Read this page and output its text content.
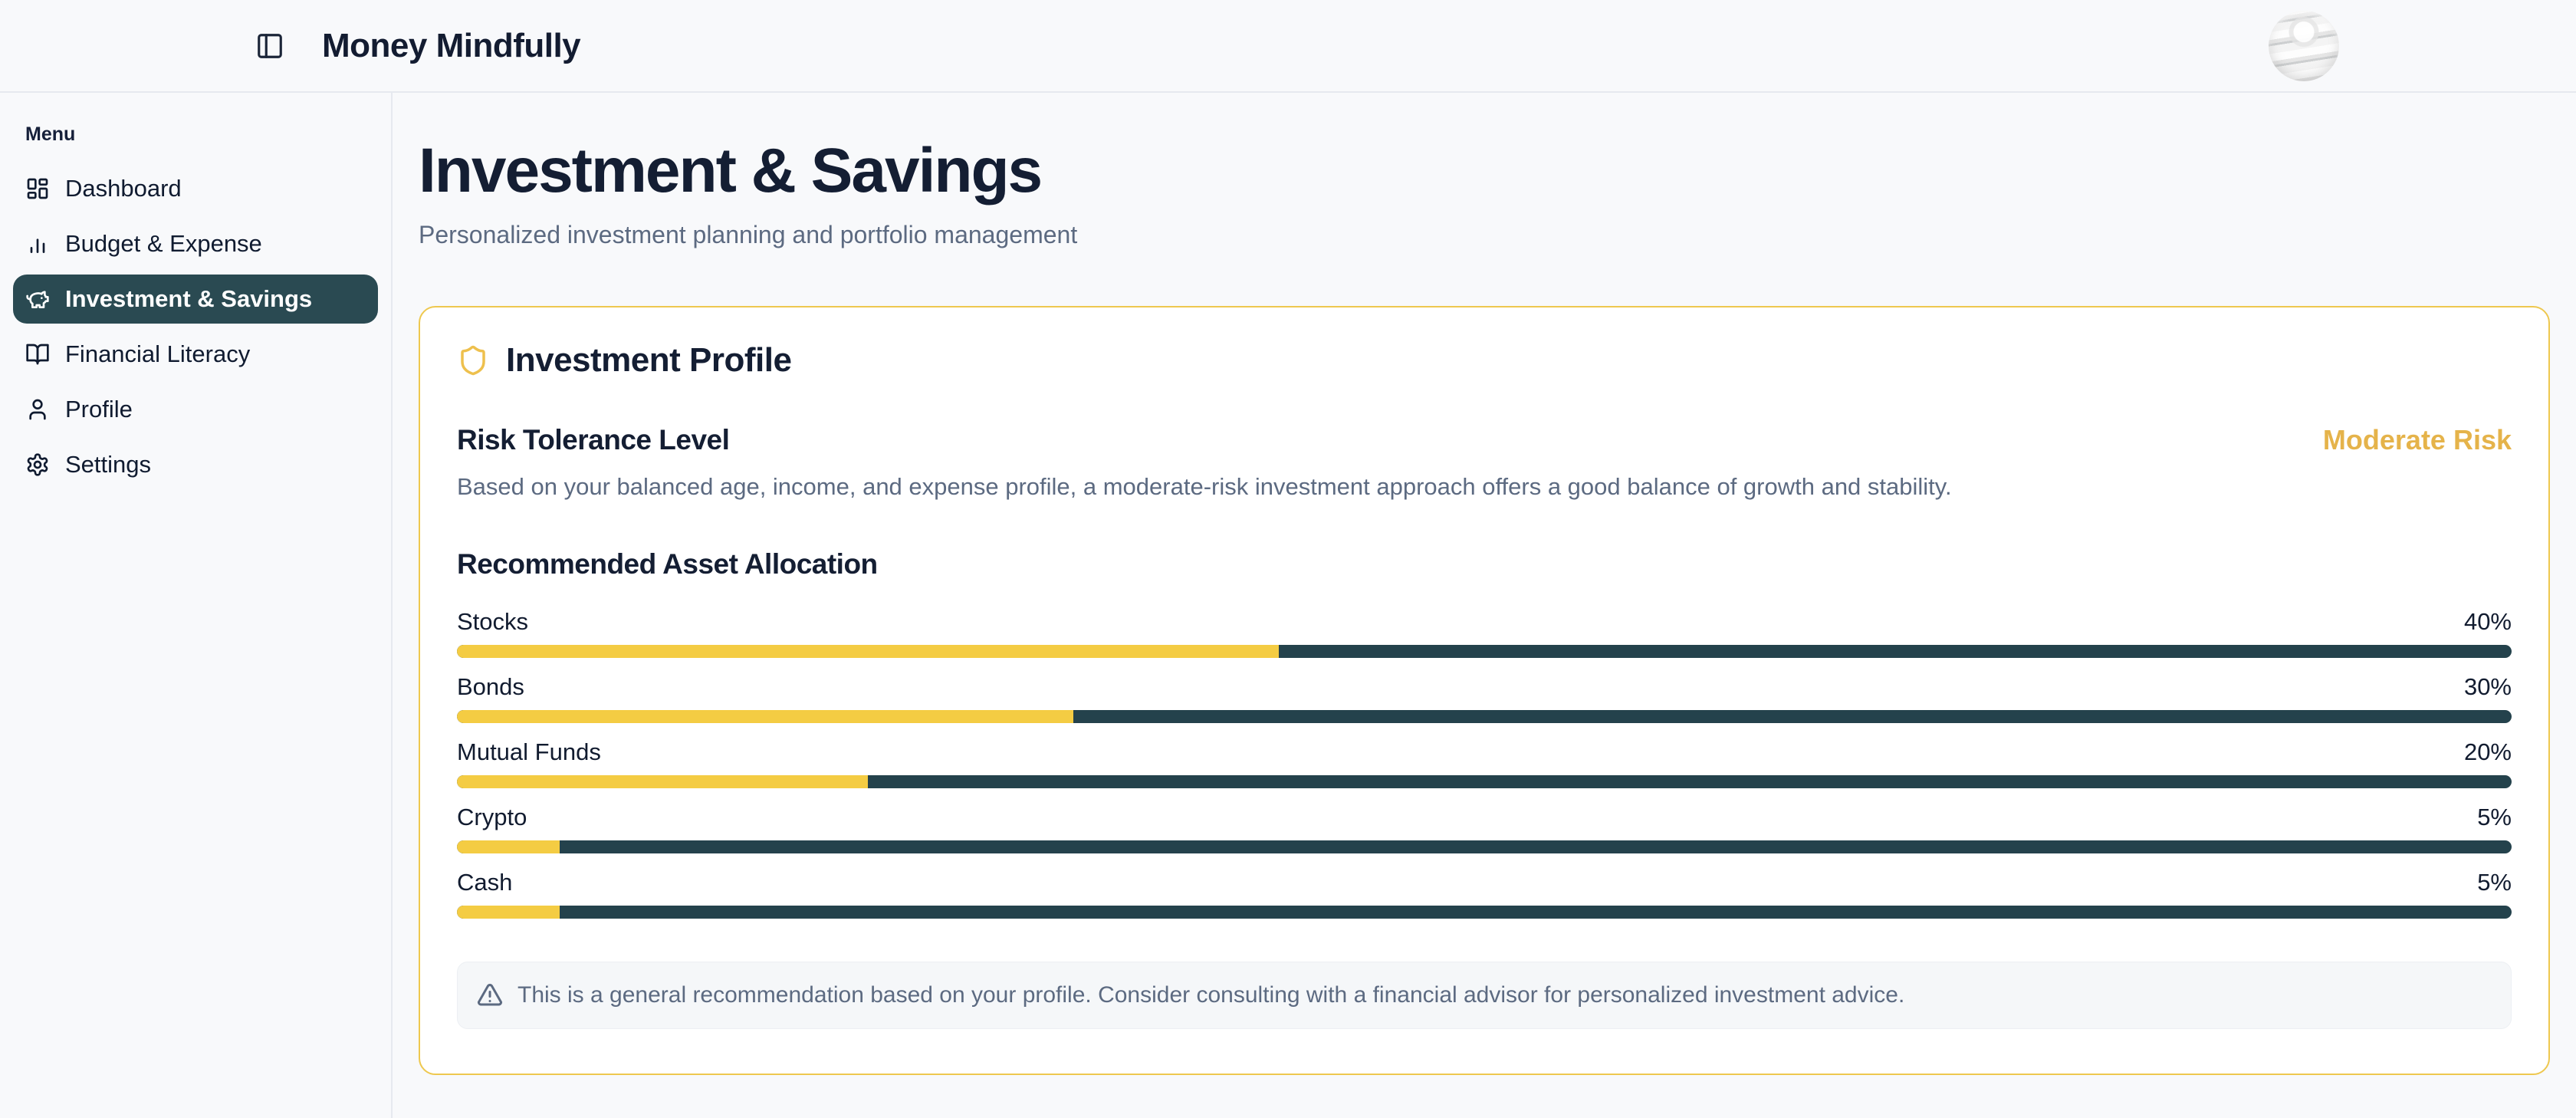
Money Mindfully
Menu
Dashboard
Budget & Expense
Investment & Savings
Financial Literacy
Profile
Settings
Investment & Savings

Personalized investment planning and portfolio management

Investment Profile
Risk Tolerance Level	Moderate Risk

Based on your balanced age, income, and expense profile, a moderate-risk investment approach offers a good balance of growth and stability.

Recommended Asset Allocation
Stocks	40%
Bonds	30%
Mutual Funds	20%
Crypto	5%
Cash	5%
This is a general recommendation based on your profile. Consider consulting with a financial advisor for personalized investment advice.
